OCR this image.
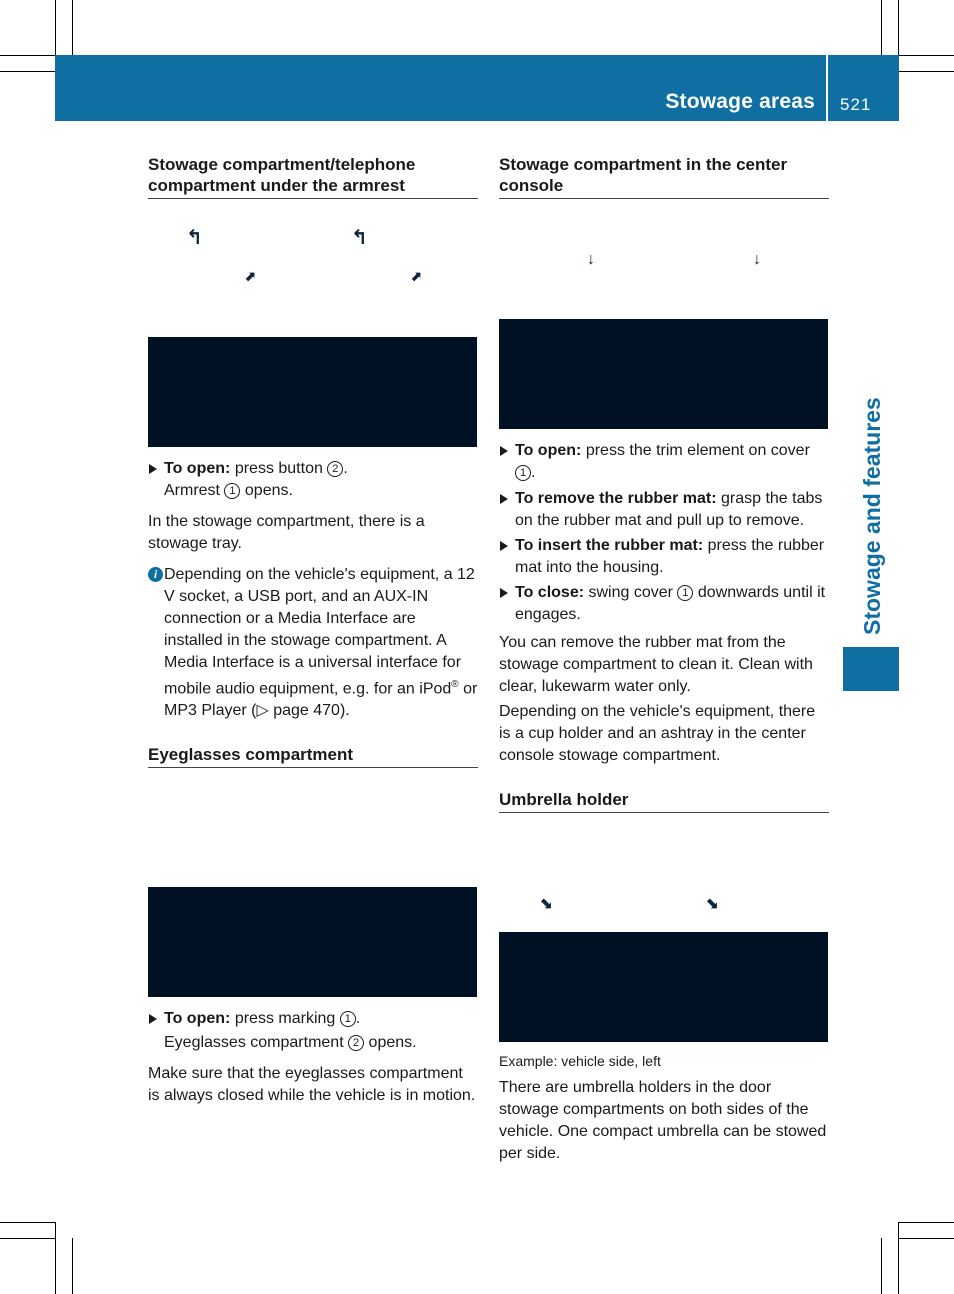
Stowage areas 521
Stowage and features
Stowage compartment/telephone compartment under the armrest
↰	↰
⬈	⬈
To open: press button 2 .
Armrest 1 opens.
In the stowage compartment, there is a stowage tray.
i Depending on the vehicle's equipment, a 12 V socket, a USB port, and an AUX-IN connection or a Media Interface are installed in the stowage compartment. A Media Interface is a universal interface for mobile audio equipment, e.g. for an iPod® or MP3 Player (▷ page 470).
Eyeglasses compartment
To open: press marking 1 .
Eyeglasses compartment 2 opens.
Make sure that the eyeglasses compartment is always closed while the vehicle is in motion.
Stowage compartment in the center console
↓	↓
To open: press the trim element on cover 1 .
To remove the rubber mat: grasp the tabs on the rubber mat and pull up to remove.
To insert the rubber mat: press the rubber mat into the housing.
To close: swing cover 1 downwards until it engages.
You can remove the rubber mat from the stowage compartment to clean it. Clean with clear, lukewarm water only.
Depending on the vehicle's equipment, there is a cup holder and an ashtray in the center console stowage compartment.
Umbrella holder
⬊	⬊
Example: vehicle side, left
There are umbrella holders in the door stowage compartments on both sides of the vehicle. One compact umbrella can be stowed per side.
